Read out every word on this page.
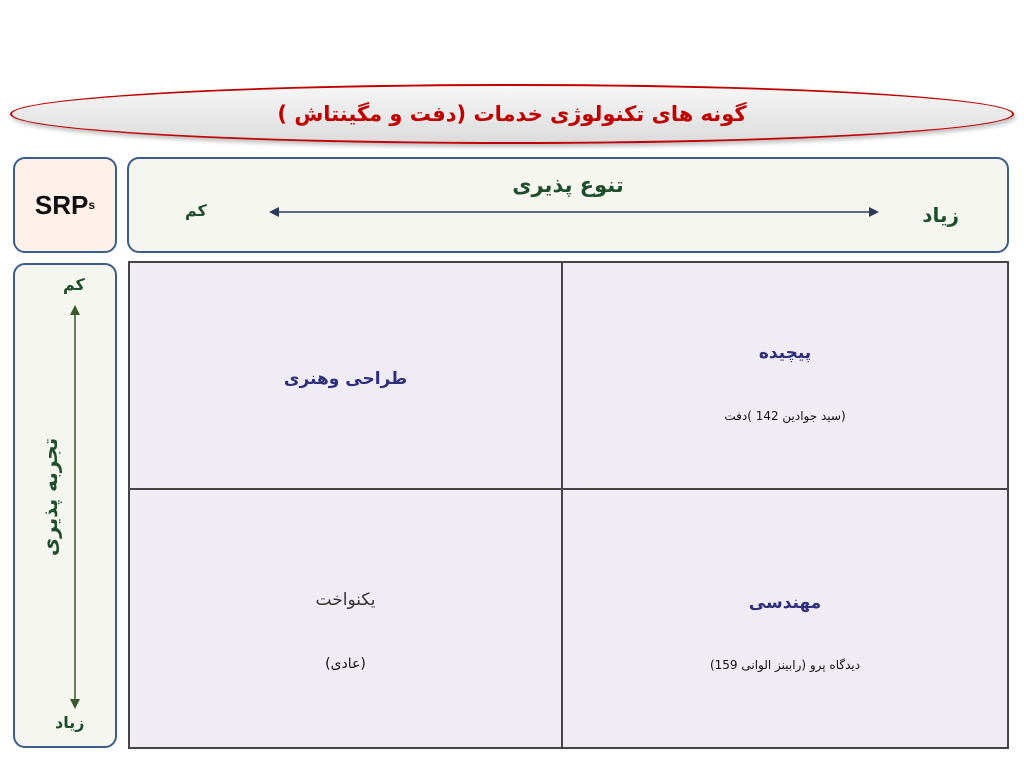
گونه های تکنولوژی خدمات (دفت و مگینتاش )
SRP s
تنوع پذیری
کم	زیاد
کم
تجربه پذیری
زیاد
طراحی وهنری
پیچیده
(سید جوادین 142 )دفت
یکنواخت
(عادی)
مهندسی
دیدگاه پرو (رابینز الوانی 159)
